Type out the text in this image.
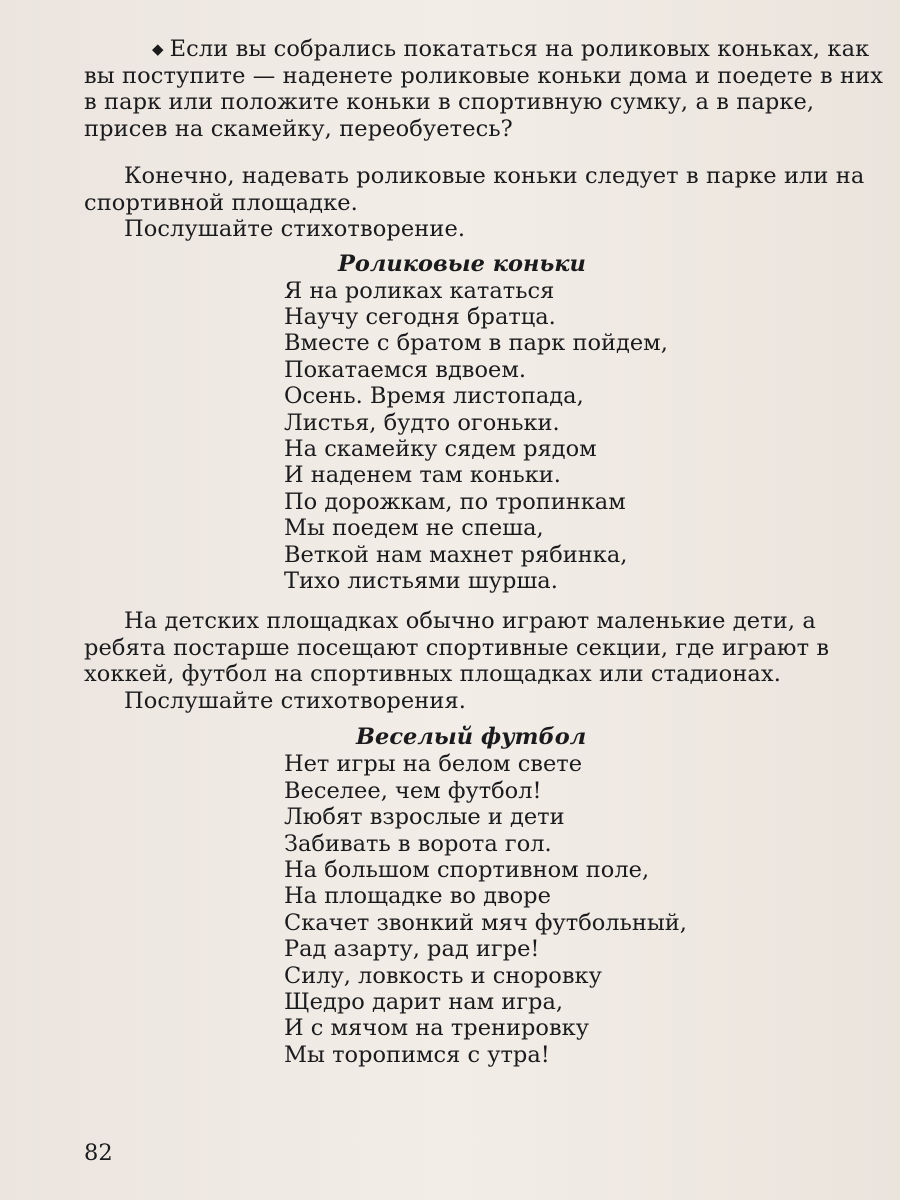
◆ Если вы собрались покататься на роликовых коньках, как вы поступите — наденете роликовые коньки дома и поедете в них в парк или положите коньки в спортивную сумку, а в парке, присев на скамейку, переобуетесь?

Конечно, надевать роликовые коньки следует в парке или на спортивной площадке.

Послушайте стихотворение.

Роликовые коньки

Я на роликах кататься
Научу сегодня братца.
Вместе с братом в парк пойдем,
Покатаемся вдвоем.
Осень. Время листопада,
Листья, будто огоньки.
На скамейку сядем рядом
И наденем там коньки.
По дорожкам, по тропинкам
Мы поедем не спеша,
Веткой нам махнет рябинка,
Тихо листьями шурша.

На детских площадках обычно играют маленькие дети, а ребята постарше посещают спортивные секции, где играют в хоккей, футбол на спортивных площадках или стадионах.

Послушайте стихотворения.

Веселый футбол

Нет игры на белом свете
Веселее, чем футбол!
Любят взрослые и дети
Забивать в ворота гол.
На большом спортивном поле,
На площадке во дворе
Скачет звонкий мяч футбольный,
Рад азарту, рад игре!
Силу, ловкость и сноровку
Щедро дарит нам игра,
И с мячом на тренировку
Мы торопимся с утра!
82
